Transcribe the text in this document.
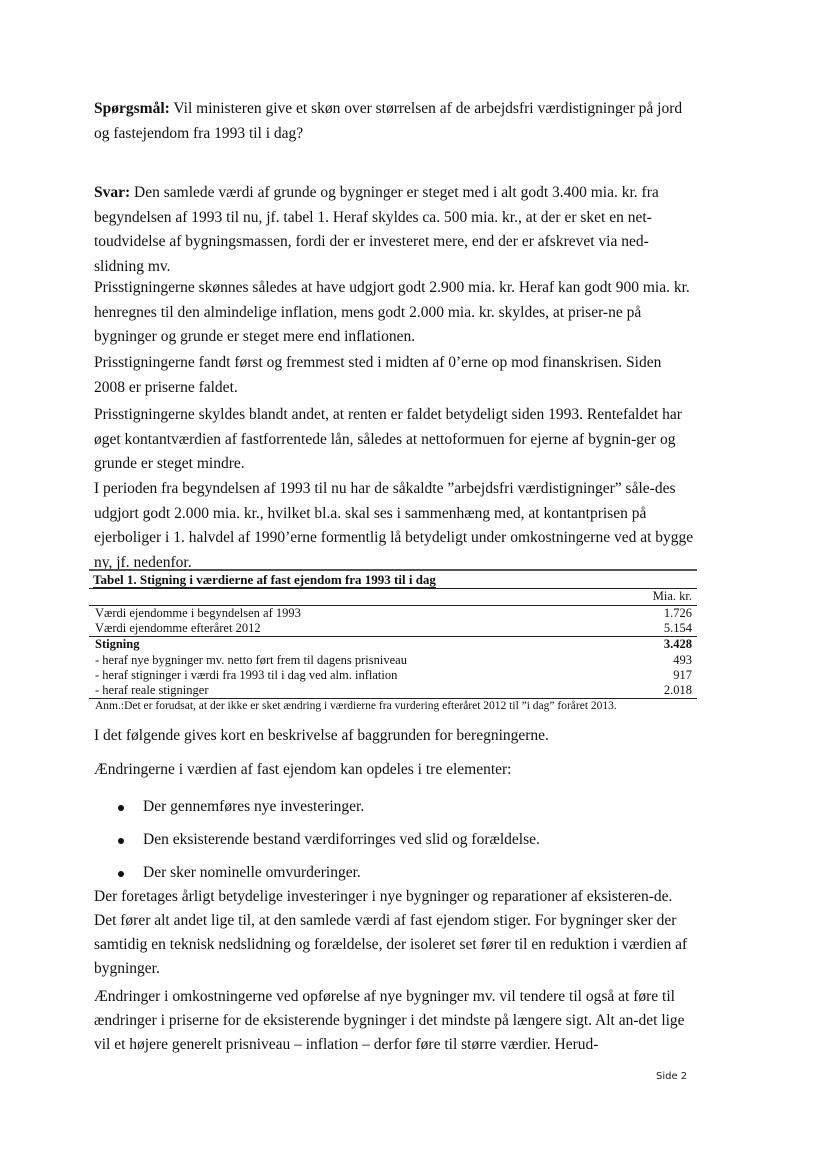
Spørgsmål: Vil ministeren give et skøn over størrelsen af de arbejdsfri værdistigninger på jord og fastejendom fra 1993 til i dag?

Svar: Den samlede værdi af grunde og bygninger er steget med i alt godt 3.400 mia. kr. fra begyndelsen af 1993 til nu, jf. tabel 1. Heraf skyldes ca. 500 mia. kr., at der er sket en net-toudvidelse af bygningsmassen, fordi der er investeret mere, end der er afskrevet via ned-slidning mv.

Prisstigningerne skønnes således at have udgjort godt 2.900 mia. kr. Heraf kan godt 900 mia. kr. henregnes til den almindelige inflation, mens godt 2.000 mia. kr. skyldes, at priser-ne på bygninger og grunde er steget mere end inflationen.

Prisstigningerne fandt først og fremmest sted i midten af 0’erne op mod finanskrisen. Siden 2008 er priserne faldet.

Prisstigningerne skyldes blandt andet, at renten er faldet betydeligt siden 1993. Rentefaldet har øget kontantværdien af fastforrentede lån, således at nettoformuen for ejerne af bygnin-ger og grunde er steget mindre.

I perioden fra begyndelsen af 1993 til nu har de såkaldte ”arbejdsfri værdistigninger” såle-des udgjort godt 2.000 mia. kr., hvilket bl.a. skal ses i sammenhæng med, at kontantprisen på ejerboliger i 1. halvdel af 1990’erne formentlig lå betydeligt under omkostningerne ved at bygge ny, jf. nedenfor.

Tabel 1. Stigning i værdierne af fast ejendom fra 1993 til i dag
Mia. kr.
Værdi ejendomme i begyndelsen af 1993	1.726
Værdi ejendomme efteråret 2012	5.154
Stigning	3.428
- heraf nye bygninger mv. netto ført frem til dagens prisniveau	493
- heraf stigninger i værdi fra 1993 til i dag ved alm. inflation	917
- heraf reale stigninger	2.018
Anm.:Det er forudsat, at der ikke er sket ændring i værdierne fra vurdering efteråret 2012 til ”i dag” foråret 2013.

I det følgende gives kort en beskrivelse af baggrunden for beregningerne.

Ændringerne i værdien af fast ejendom kan opdeles i tre elementer:

Der gennemføres nye investeringer.
Den eksisterende bestand værdiforringes ved slid og forældelse.
Der sker nominelle omvurderinger.

Der foretages årligt betydelige investeringer i nye bygninger og reparationer af eksisteren-de. Det fører alt andet lige til, at den samlede værdi af fast ejendom stiger. For bygninger sker der samtidig en teknisk nedslidning og forældelse, der isoleret set fører til en reduktion i værdien af bygninger.

Ændringer i omkostningerne ved opførelse af nye bygninger mv. vil tendere til også at føre til ændringer i priserne for de eksisterende bygninger i det mindste på længere sigt. Alt an-det lige vil et højere generelt prisniveau – inflation – derfor føre til større værdier. Herud-

Side 2
